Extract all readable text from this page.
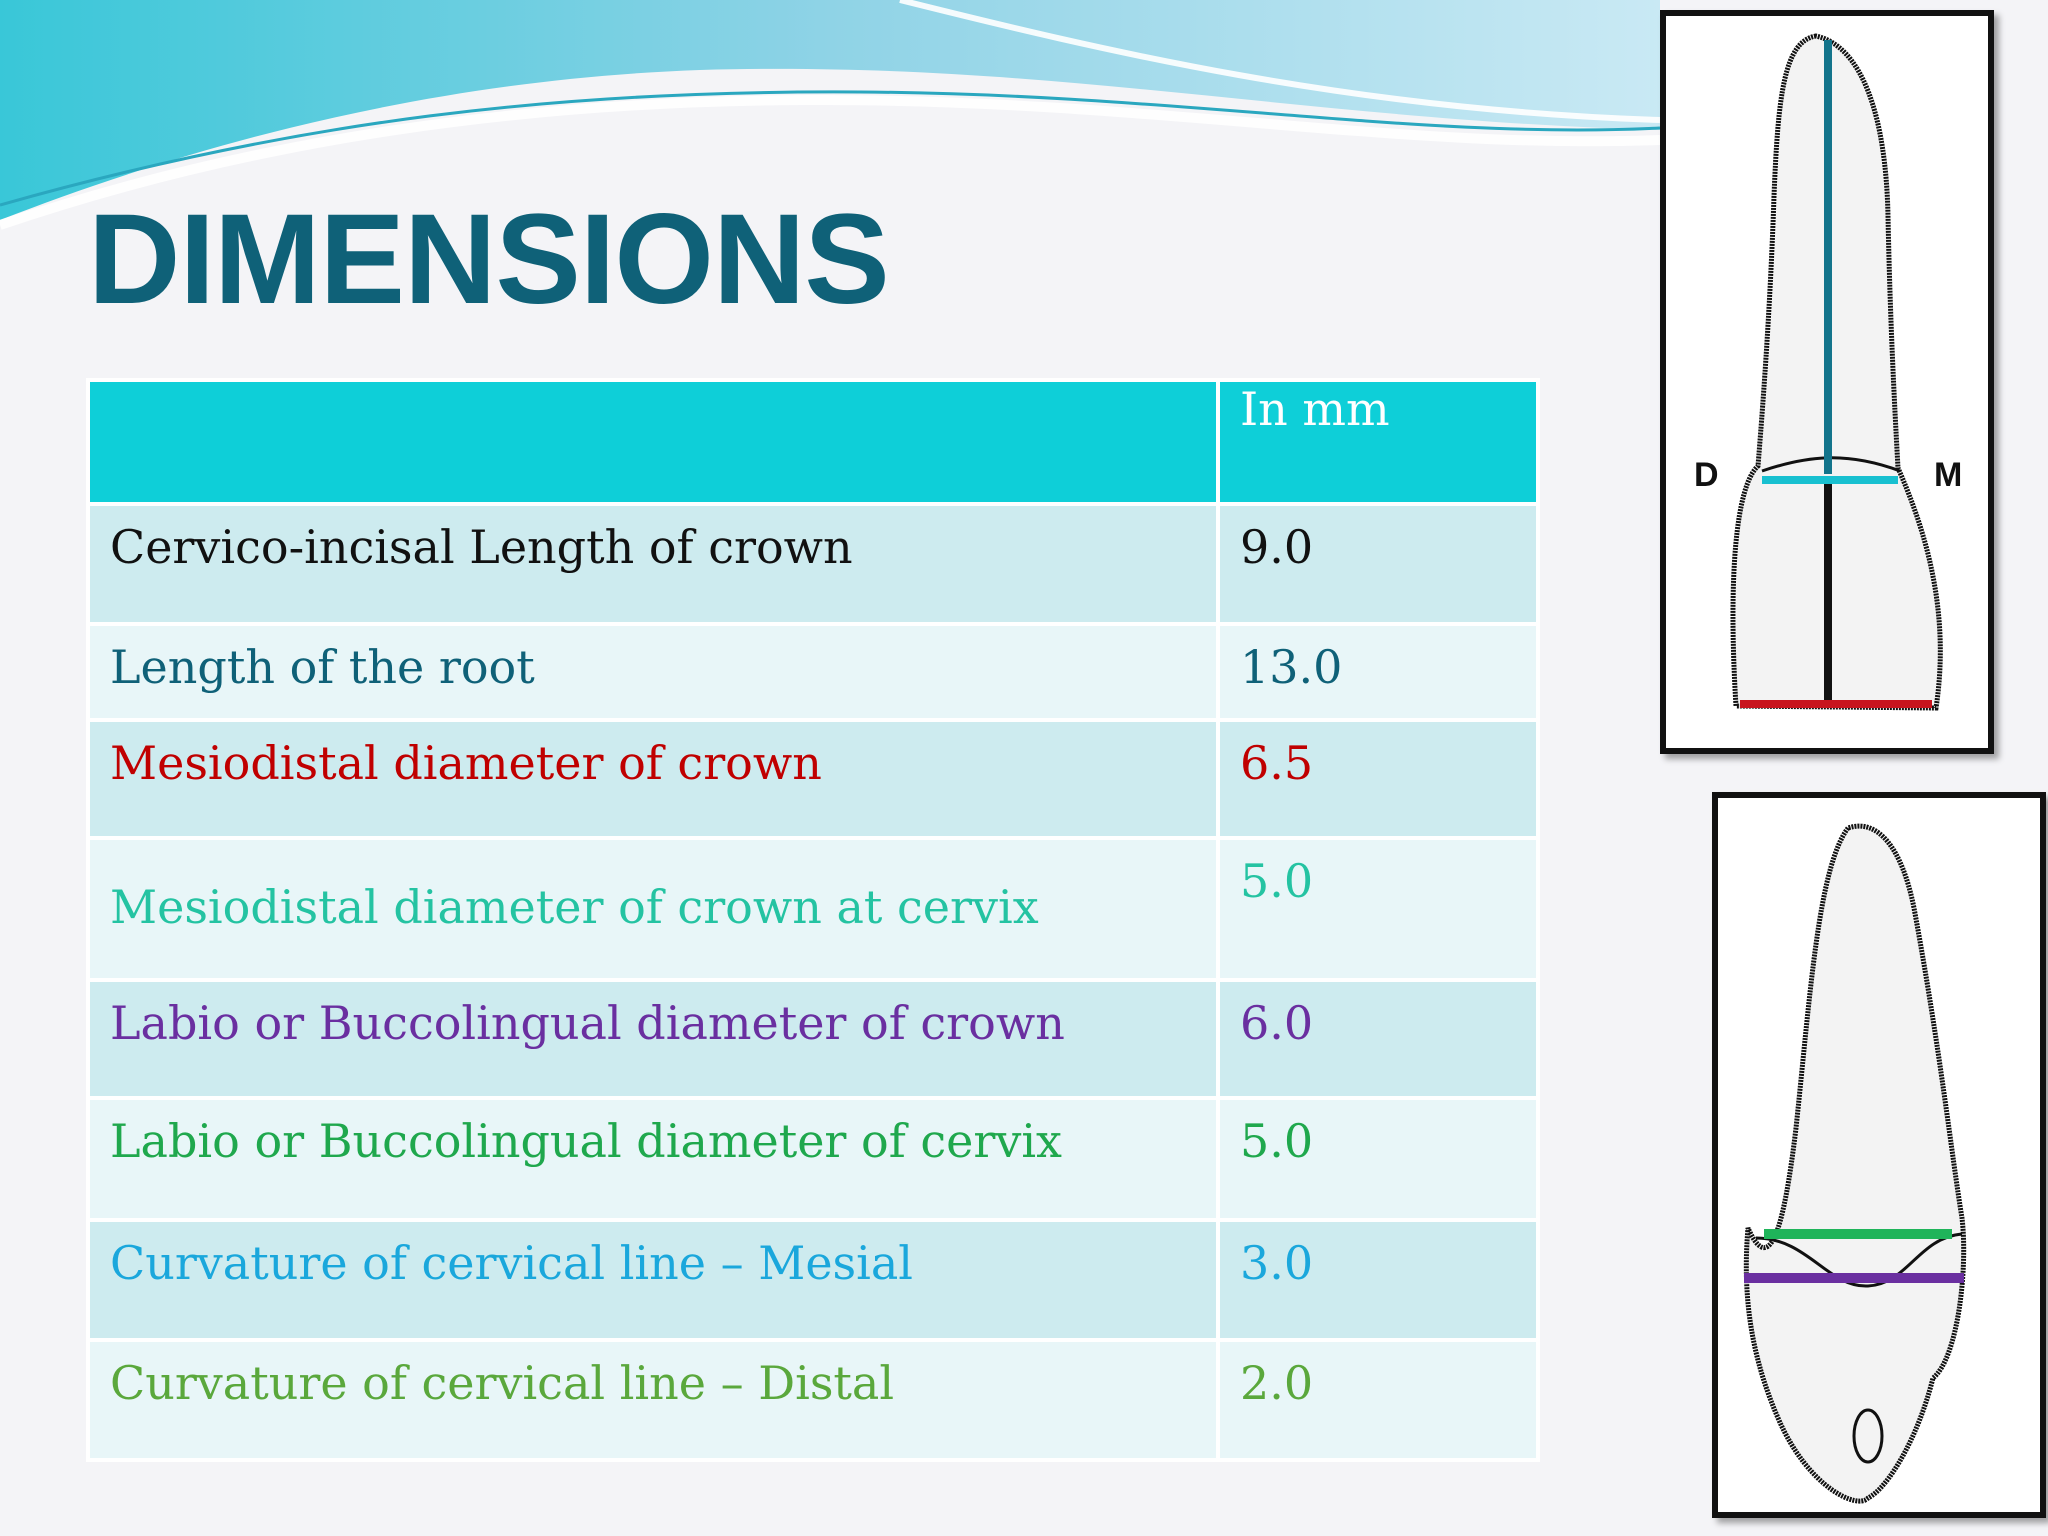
DIMENSIONS
	In mm
Cervico-incisal Length of crown	9.0
Length of the root	13.0
Mesiodistal diameter of crown	6.5
Mesiodistal diameter of crown at cervix	5.0
Labio or Buccolingual diameter of crown	6.0
Labio or Buccolingual diameter of cervix	5.0
Curvature of cervical line – Mesial	3.0
Curvature of cervical line – Distal	2.0
D	M
